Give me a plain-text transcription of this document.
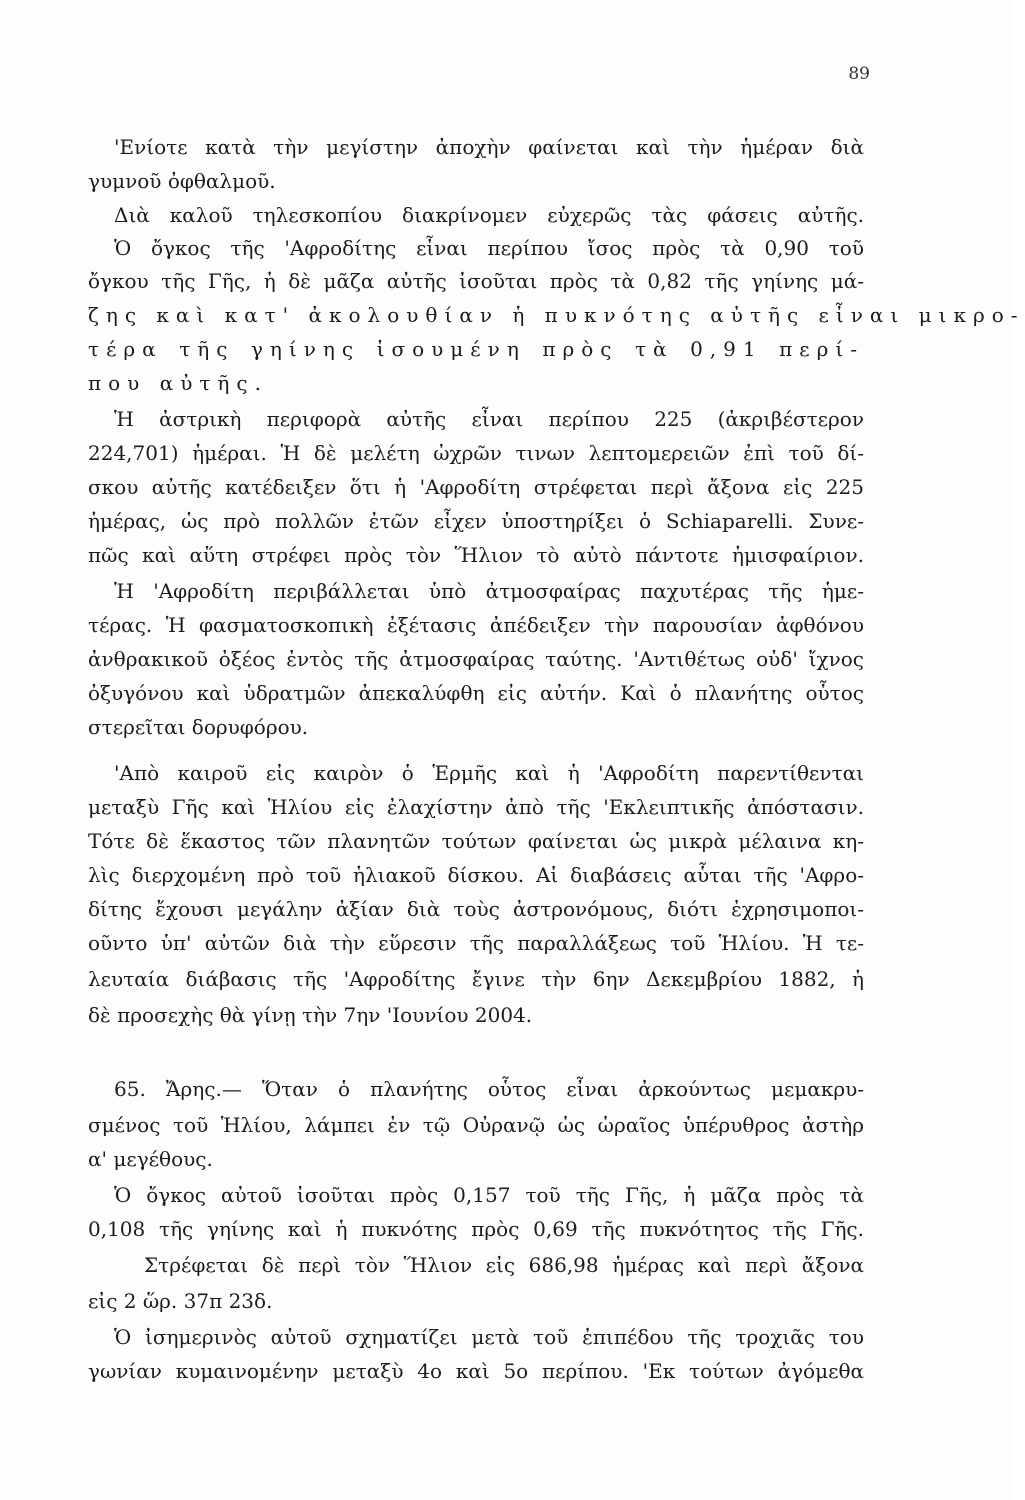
89

'Ενίοτε κατὰ τὴν μεγίστην ἀποχὴν φαίνεται καὶ τὴν ἡμέραν διὰ

γυμνοῦ ὀφθαλμοῦ.

Διὰ καλοῦ τηλεσκοπίου διακρίνομεν εὐχερῶς τὰς φάσεις αὐτῆς.

Ὁ ὄγκος τῆς 'Αφροδίτης εἶναι περίπου ἴσος πρὸς τὰ 0,90 τοῦ

ὄγκου τῆς Γῆς, ἡ δὲ μᾶζα αὐτῆς ἰσοῦται πρὸς τὰ 0,82 τῆς γηίνης μά-

ζης καὶ κατ' ἀκολουθίαν ἡ πυκνότης αὐτῆς εἶναι μικρο-

τέρα τῆς γηίνης ἰσουμένη πρὸς τὰ 0,91 περί-

που αὐτῆς.

Ἡ ἀστρικὴ περιφορὰ αὐτῆς εἶναι περίπου 225 (ἀκριβέστερον

224,701) ἡμέραι. Ἡ δὲ μελέτη ὠχρῶν τινων λεπτομερειῶν ἐπὶ τοῦ δί-

σκου αὐτῆς κατέδειξεν ὅτι ἡ 'Αφροδίτη στρέφεται περὶ ἄξονα εἰς 225

ἡμέρας, ὡς πρὸ πολλῶν ἐτῶν εἶχεν ὑποστηρίξει ὁ Schiaparelli. Συνε-

πῶς καὶ αὕτη στρέφει πρὸς τὸν Ἥλιον τὸ αὐτὸ πάντοτε ἡμισφαίριον.

Ἡ 'Αφροδίτη περιβάλλεται ὑπὸ ἀτμοσφαίρας παχυτέρας τῆς ἡμε-

τέρας. Ἡ φασματοσκοπικὴ ἐξέτασις ἀπέδειξεν τὴν παρουσίαν ἀφθόνου

ἀνθρακικοῦ ὀξέος ἐντὸς τῆς ἀτμοσφαίρας ταύτης. 'Αντιθέτως οὐδ' ἴχνος

ὀξυγόνου καὶ ὑδρατμῶν ἀπεκαλύφθη εἰς αὐτήν. Καὶ ὁ πλανήτης οὗτος

στερεῖται δορυφόρου.

'Απὸ καιροῦ εἰς καιρὸν ὁ Ἑρμῆς καὶ ἡ 'Αφροδίτη παρεντίθενται

μεταξὺ Γῆς καὶ Ἡλίου εἰς ἐλαχίστην ἀπὸ τῆς 'Εκλειπτικῆς ἀπόστασιν.

Τότε δὲ ἕκαστος τῶν πλανητῶν τούτων φαίνεται ὡς μικρὰ μέλαινα κη-

λὶς διερχομένη πρὸ τοῦ ἡλιακοῦ δίσκου. Αἱ διαβάσεις αὗται τῆς 'Αφρο-

δίτης ἔχουσι μεγάλην ἀξίαν διὰ τοὺς ἀστρονόμους, διότι ἐχρησιμοποι-

οῦντο ὑπ' αὐτῶν διὰ τὴν εὕρεσιν τῆς παραλλάξεως τοῦ Ἡλίου. Ἡ τε-

λευταία διάβασις τῆς 'Αφροδίτης ἔγινε τὴν 6ην Δεκεμβρίου 1882, ἡ

δὲ προσεχὴς θὰ γίνῃ τὴν 7ην 'Ιουνίου 2004.

65. Ἄρης.— Ὅταν ὁ πλανήτης οὗτος εἶναι ἀρκούντως μεμακρυ-

σμένος τοῦ Ἡλίου, λάμπει ἐν τῷ Οὐρανῷ ὡς ὡραῖος ὑπέρυθρος ἀστὴρ

α' μεγέθους.

Ὁ ὄγκος αὐτοῦ ἰσοῦται πρὸς 0,157 τοῦ τῆς Γῆς, ἡ μᾶζα πρὸς τὰ

0,108 τῆς γηίνης καὶ ἡ πυκνότης πρὸς 0,69 τῆς πυκνότητος τῆς Γῆς.

Στρέφεται δὲ περὶ τὸν Ἥλιον εἰς 686,98 ἡμέρας καὶ περὶ ἄξονα

εἰς 2 ὥρ. 37π 23δ.

Ὁ ἰσημερινὸς αὐτοῦ σχηματίζει μετὰ τοῦ ἐπιπέδου τῆς τροχιᾶς του

γωνίαν κυμαινομένην μεταξὺ 4ο καὶ 5ο περίπου. 'Εκ τούτων ἀγόμεθα
